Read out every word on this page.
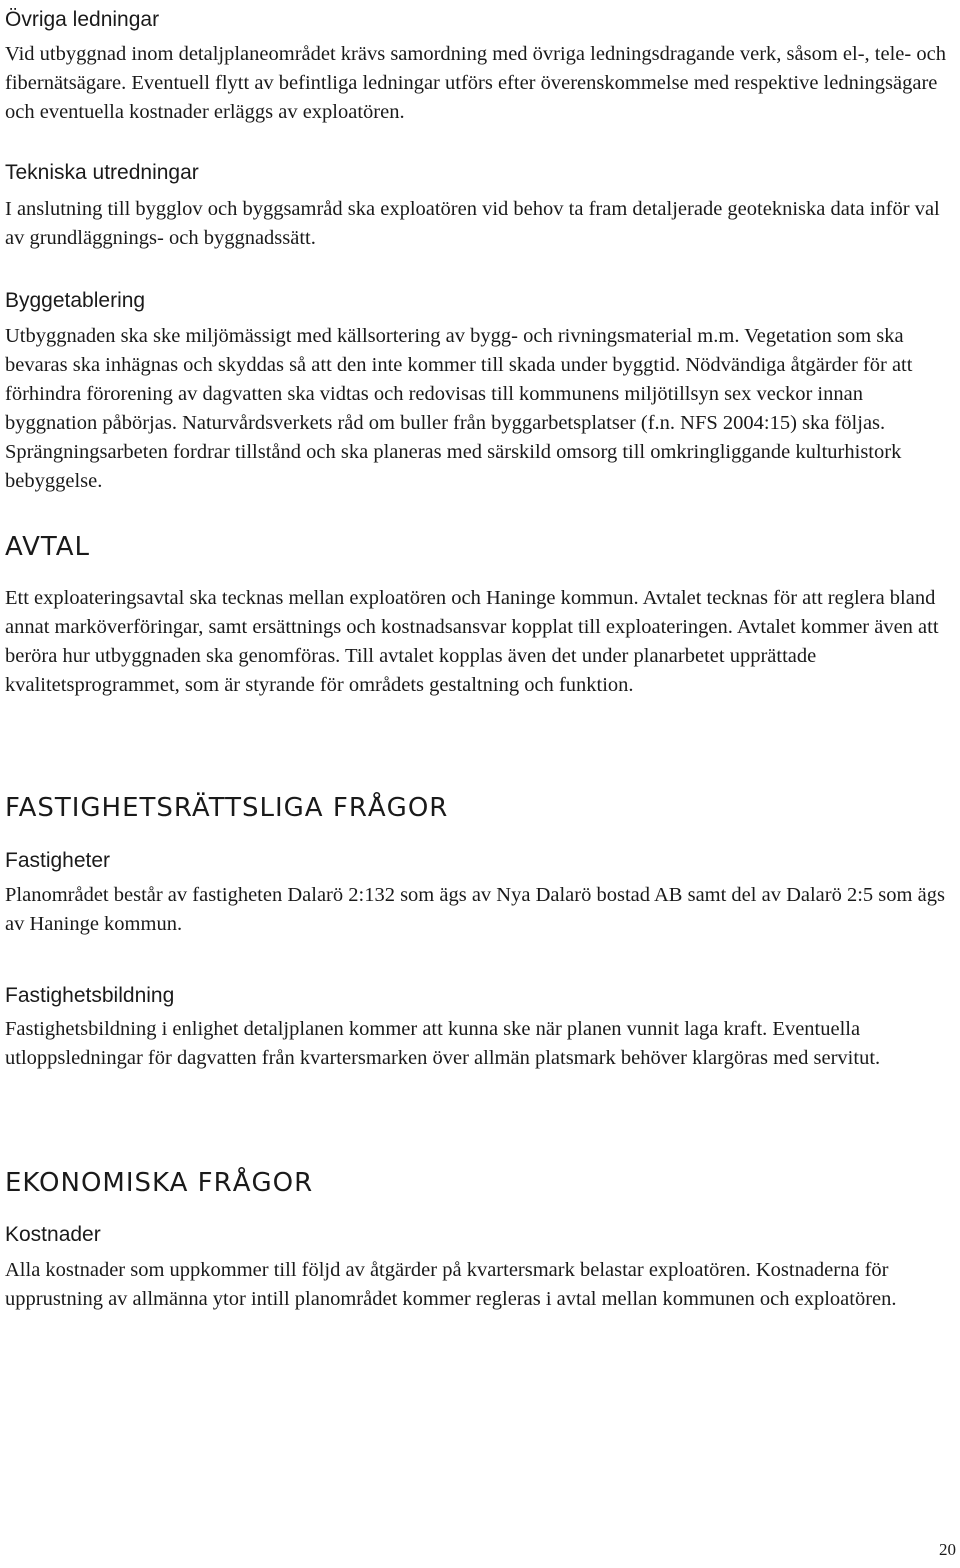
Övriga ledningar

Vid utbyggnad inom detaljplaneområdet krävs samordning med övriga ledningsdragande verk, såsom el-, tele- och fibernätsägare. Eventuell flytt av befintliga ledningar utförs efter överenskommelse med respektive ledningsägare och eventuella kostnader erläggs av exploatören.

Tekniska utredningar

I anslutning till bygglov och byggsamråd ska exploatören vid behov ta fram detaljerade geotekniska data inför val av grundläggnings- och byggnadssätt.

Byggetablering

Utbyggnaden ska ske miljömässigt med källsortering av bygg- och rivningsmaterial m.m. Vegetation som ska bevaras ska inhägnas och skyddas så att den inte kommer till skada under byggtid. Nödvändiga åtgärder för att förhindra förorening av dagvatten ska vidtas och redovisas till kommunens miljötillsyn sex veckor innan byggnation påbörjas. Naturvårdsverkets råd om buller från byggarbetsplatser (f.n. NFS 2004:15) ska följas. Sprängningsarbeten fordrar tillstånd och ska planeras med särskild omsorg till omkringliggande kulturhistork bebyggelse.

AVTAL

Ett exploateringsavtal ska tecknas mellan exploatören och Haninge kommun. Avtalet tecknas för att reglera bland annat marköverföringar, samt ersättnings och kostnadsansvar kopplat till exploateringen. Avtalet kommer även att beröra hur utbyggnaden ska genomföras. Till avtalet kopplas även det under planarbetet upprättade kvalitetsprogrammet, som är styrande för områdets gestaltning och funktion.

FASTIGHETSRÄTTSLIGA FRÅGOR
Fastigheter

Planområdet består av fastigheten Dalarö 2:132 som ägs av Nya Dalarö bostad AB samt del av Dalarö 2:5 som ägs av Haninge kommun.

Fastighetsbildning

Fastighetsbildning i enlighet detaljplanen kommer att kunna ske när planen vunnit laga kraft. Eventuella utloppsledningar för dagvatten från kvartersmarken över allmän platsmark behöver klargöras med servitut.

EKONOMISKA FRÅGOR
Kostnader

Alla kostnader som uppkommer till följd av åtgärder på kvartersmark belastar exploatören. Kostnaderna för upprustning av allmänna ytor intill planområdet kommer regleras i avtal mellan kommunen och exploatören.

20
